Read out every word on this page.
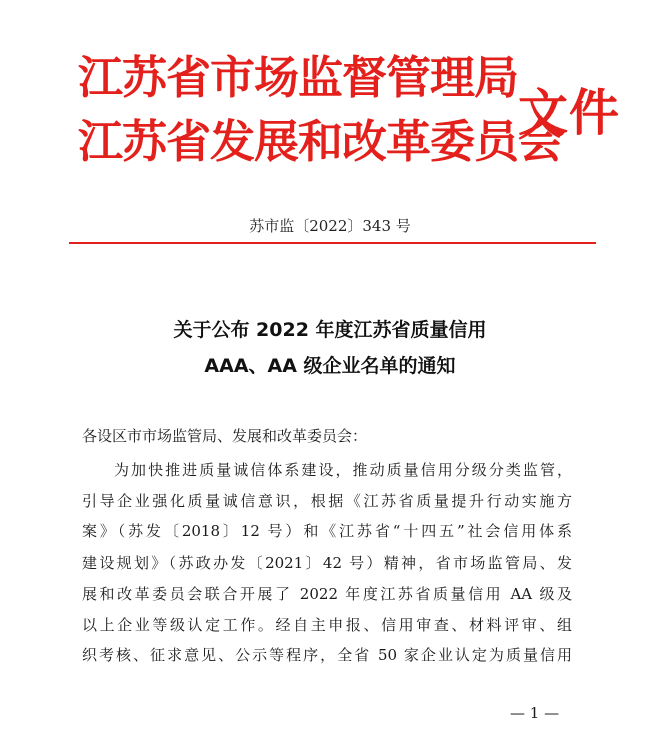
江苏省市场监督管理局
江苏省发展和改革委员会
文件
苏市监〔2022〕343 号
关于公布 2022 年度江苏省质量信用
AAA、AA 级企业名单的通知
各设区市市场监管局、发展和改革委员会：
为加快推进质量诚信体系建设，推动质量信用分级分类监管，
引导企业强化质量诚信意识，根据《江苏省质量提升行动实施方
案》（苏发〔2018〕12 号）和《江苏省“十四五”社会信用体系
建设规划》（苏政办发〔2021〕42 号）精神，省市场监管局、发
展和改革委员会联合开展了 2022 年度江苏省质量信用 AA 级及
以上企业等级认定工作。经自主申报、信用审查、材料评审、组
织考核、征求意见、公示等程序，全省 50 家企业认定为质量信用
— 1 —
